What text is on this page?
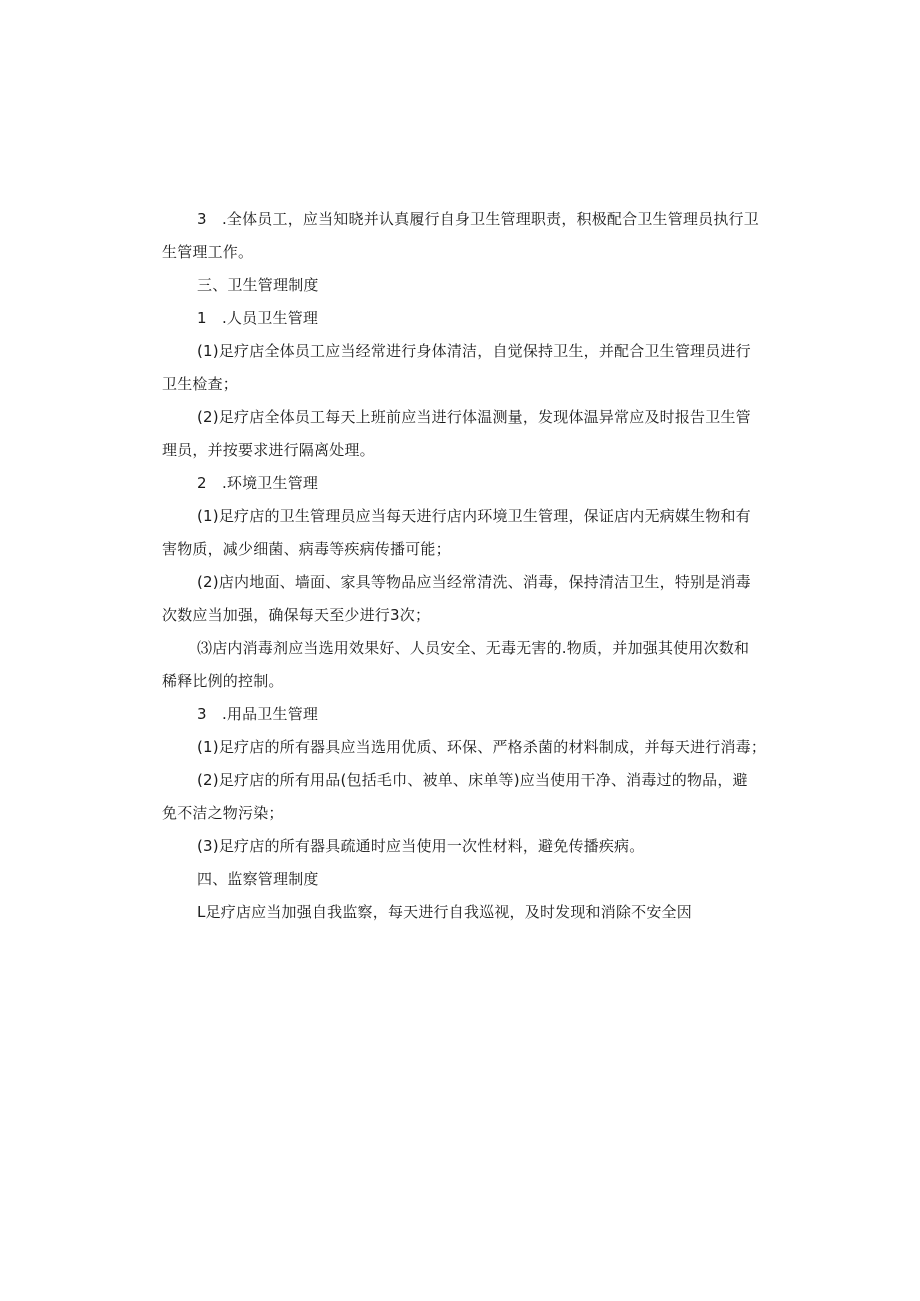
3　.全体员工，应当知晓并认真履行自身卫生管理职责，积极配合卫生管理员执行卫

生管理工作。

三、卫生管理制度

1　.人员卫生管理

(1)足疗店全体员工应当经常进行身体清洁，自觉保持卫生，并配合卫生管理员进行

卫生检查；

(2)足疗店全体员工每天上班前应当进行体温测量，发现体温异常应及时报告卫生管

理员，并按要求进行隔离处理。

2　.环境卫生管理

(1)足疗店的卫生管理员应当每天进行店内环境卫生管理，保证店内无病媒生物和有

害物质，减少细菌、病毒等疾病传播可能；

(2)店内地面、墙面、家具等物品应当经常清洗、消毒，保持清洁卫生，特别是消毒

次数应当加强，确保每天至少进行3次；

⑶店内消毒剂应当选用效果好、人员安全、无毒无害的.物质，并加强其使用次数和

稀释比例的控制。

3　.用品卫生管理

(1)足疗店的所有器具应当选用优质、环保、严格杀菌的材料制成，并每天进行消毒；

(2)足疗店的所有用品(包括毛巾、被单、床单等)应当使用干净、消毒过的物品，避

免不洁之物污染；

(3)足疗店的所有器具疏通时应当使用一次性材料，避免传播疾病。

四、监察管理制度

L足疗店应当加强自我监察，每天进行自我巡视，及时发现和消除不安全因
